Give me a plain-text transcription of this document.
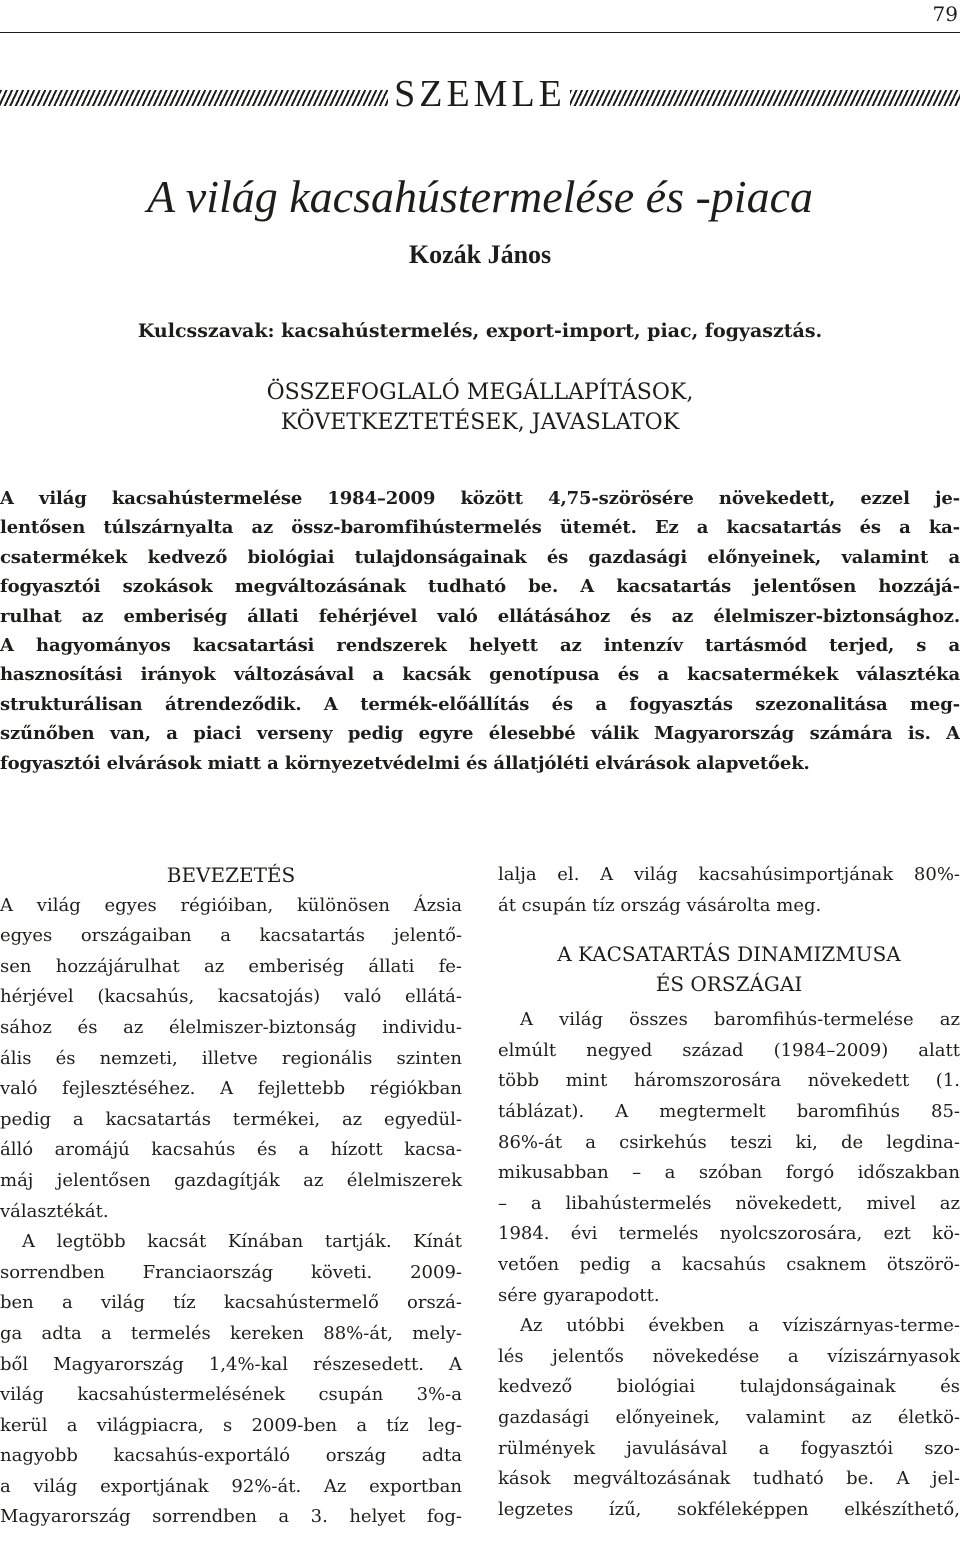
79
SZEMLE
A világ kacsahústermelése és -piaca
Kozák János
Kulcsszavak: kacsahústermelés, export-import, piac, fogyasztás.
ÖSSZEFOGLALÓ MEGÁLLAPÍTÁSOK,
KÖVETKEZTETÉSEK, JAVASLATOK
A világ kacsahústermelése 1984–2009 között 4,75-szörösére növekedett, ezzel je-
lentősen túlszárnyalta az össz-baromfihústermelés ütemét. Ez a kacsatartás és a ka-
csatermékek kedvező biológiai tulajdonságainak és gazdasági előnyeinek, valamint a
fogyasztói szokások megváltozásának tudható be. A kacsatartás jelentősen hozzájá-
rulhat az emberiség állati fehérjével való ellátásához és az élelmiszer-biztonsághoz.
A hagyományos kacsatartási rendszerek helyett az intenzív tartásmód terjed, s a
hasznosítási irányok változásával a kacsák genotípusa és a kacsatermékek választéka
strukturálisan átrendeződik. A termék-előállítás és a fogyasztás szezonalitása meg-
szűnőben van, a piaci verseny pedig egyre élesebbé válik Magyarország számára is. A
fogyasztói elvárások miatt a környezetvédelmi és állatjóléti elvárások alapvetőek.
BEVEZETÉS
A világ egyes régióiban, különösen Ázsia
egyes országaiban a kacsatartás jelentő-
sen hozzájárulhat az emberiség állati fe-
hérjével (kacsahús, kacsatojás) való ellátá-
sához és az élelmiszer-biztonság individu-
ális és nemzeti, illetve regionális szinten
való fejlesztéséhez. A fejlettebb régiókban
pedig a kacsatartás termékei, az egyedül-
álló aromájú kacsahús és a hízott kacsa-
máj jelentősen gazdagítják az élelmiszerek
választékát.
A legtöbb kacsát Kínában tartják. Kínát
sorrendben Franciaország követi. 2009-
ben a világ tíz kacsahústermelő orszá-
ga adta a termelés kereken 88%-át, mely-
ből Magyarország 1,4%-kal részesedett. A
világ kacsahústermelésének csupán 3%-a
kerül a világpiacra, s 2009-ben a tíz leg-
nagyobb kacsahús-exportáló ország adta
a világ exportjának 92%-át. Az exportban
Magyarország sorrendben a 3. helyet fog-
lalja el. A világ kacsahúsimportjának 80%-
át csupán tíz ország vásárolta meg.
A KACSATARTÁS DINAMIZMUSA
ÉS ORSZÁGAI
A világ összes baromfihús-termelése az
elmúlt negyed század (1984–2009) alatt
több mint háromszorosára növekedett (1.
táblázat). A megtermelt baromfihús 85-
86%-át a csirkehús teszi ki, de legdina-
mikusabban – a szóban forgó időszakban
– a libahústermelés növekedett, mivel az
1984. évi termelés nyolcszorosára, ezt kö-
vetően pedig a kacsahús csaknem ötszörö-
sére gyarapodott.
Az utóbbi években a víziszárnyas-terme-
lés jelentős növekedése a víziszárnyasok
kedvező biológiai tulajdonságainak és
gazdasági előnyeinek, valamint az életkö-
rülmények javulásával a fogyasztói szo-
kások megváltozásának tudható be. A jel-
legzetes ízű, sokféleképpen elkészíthető,
